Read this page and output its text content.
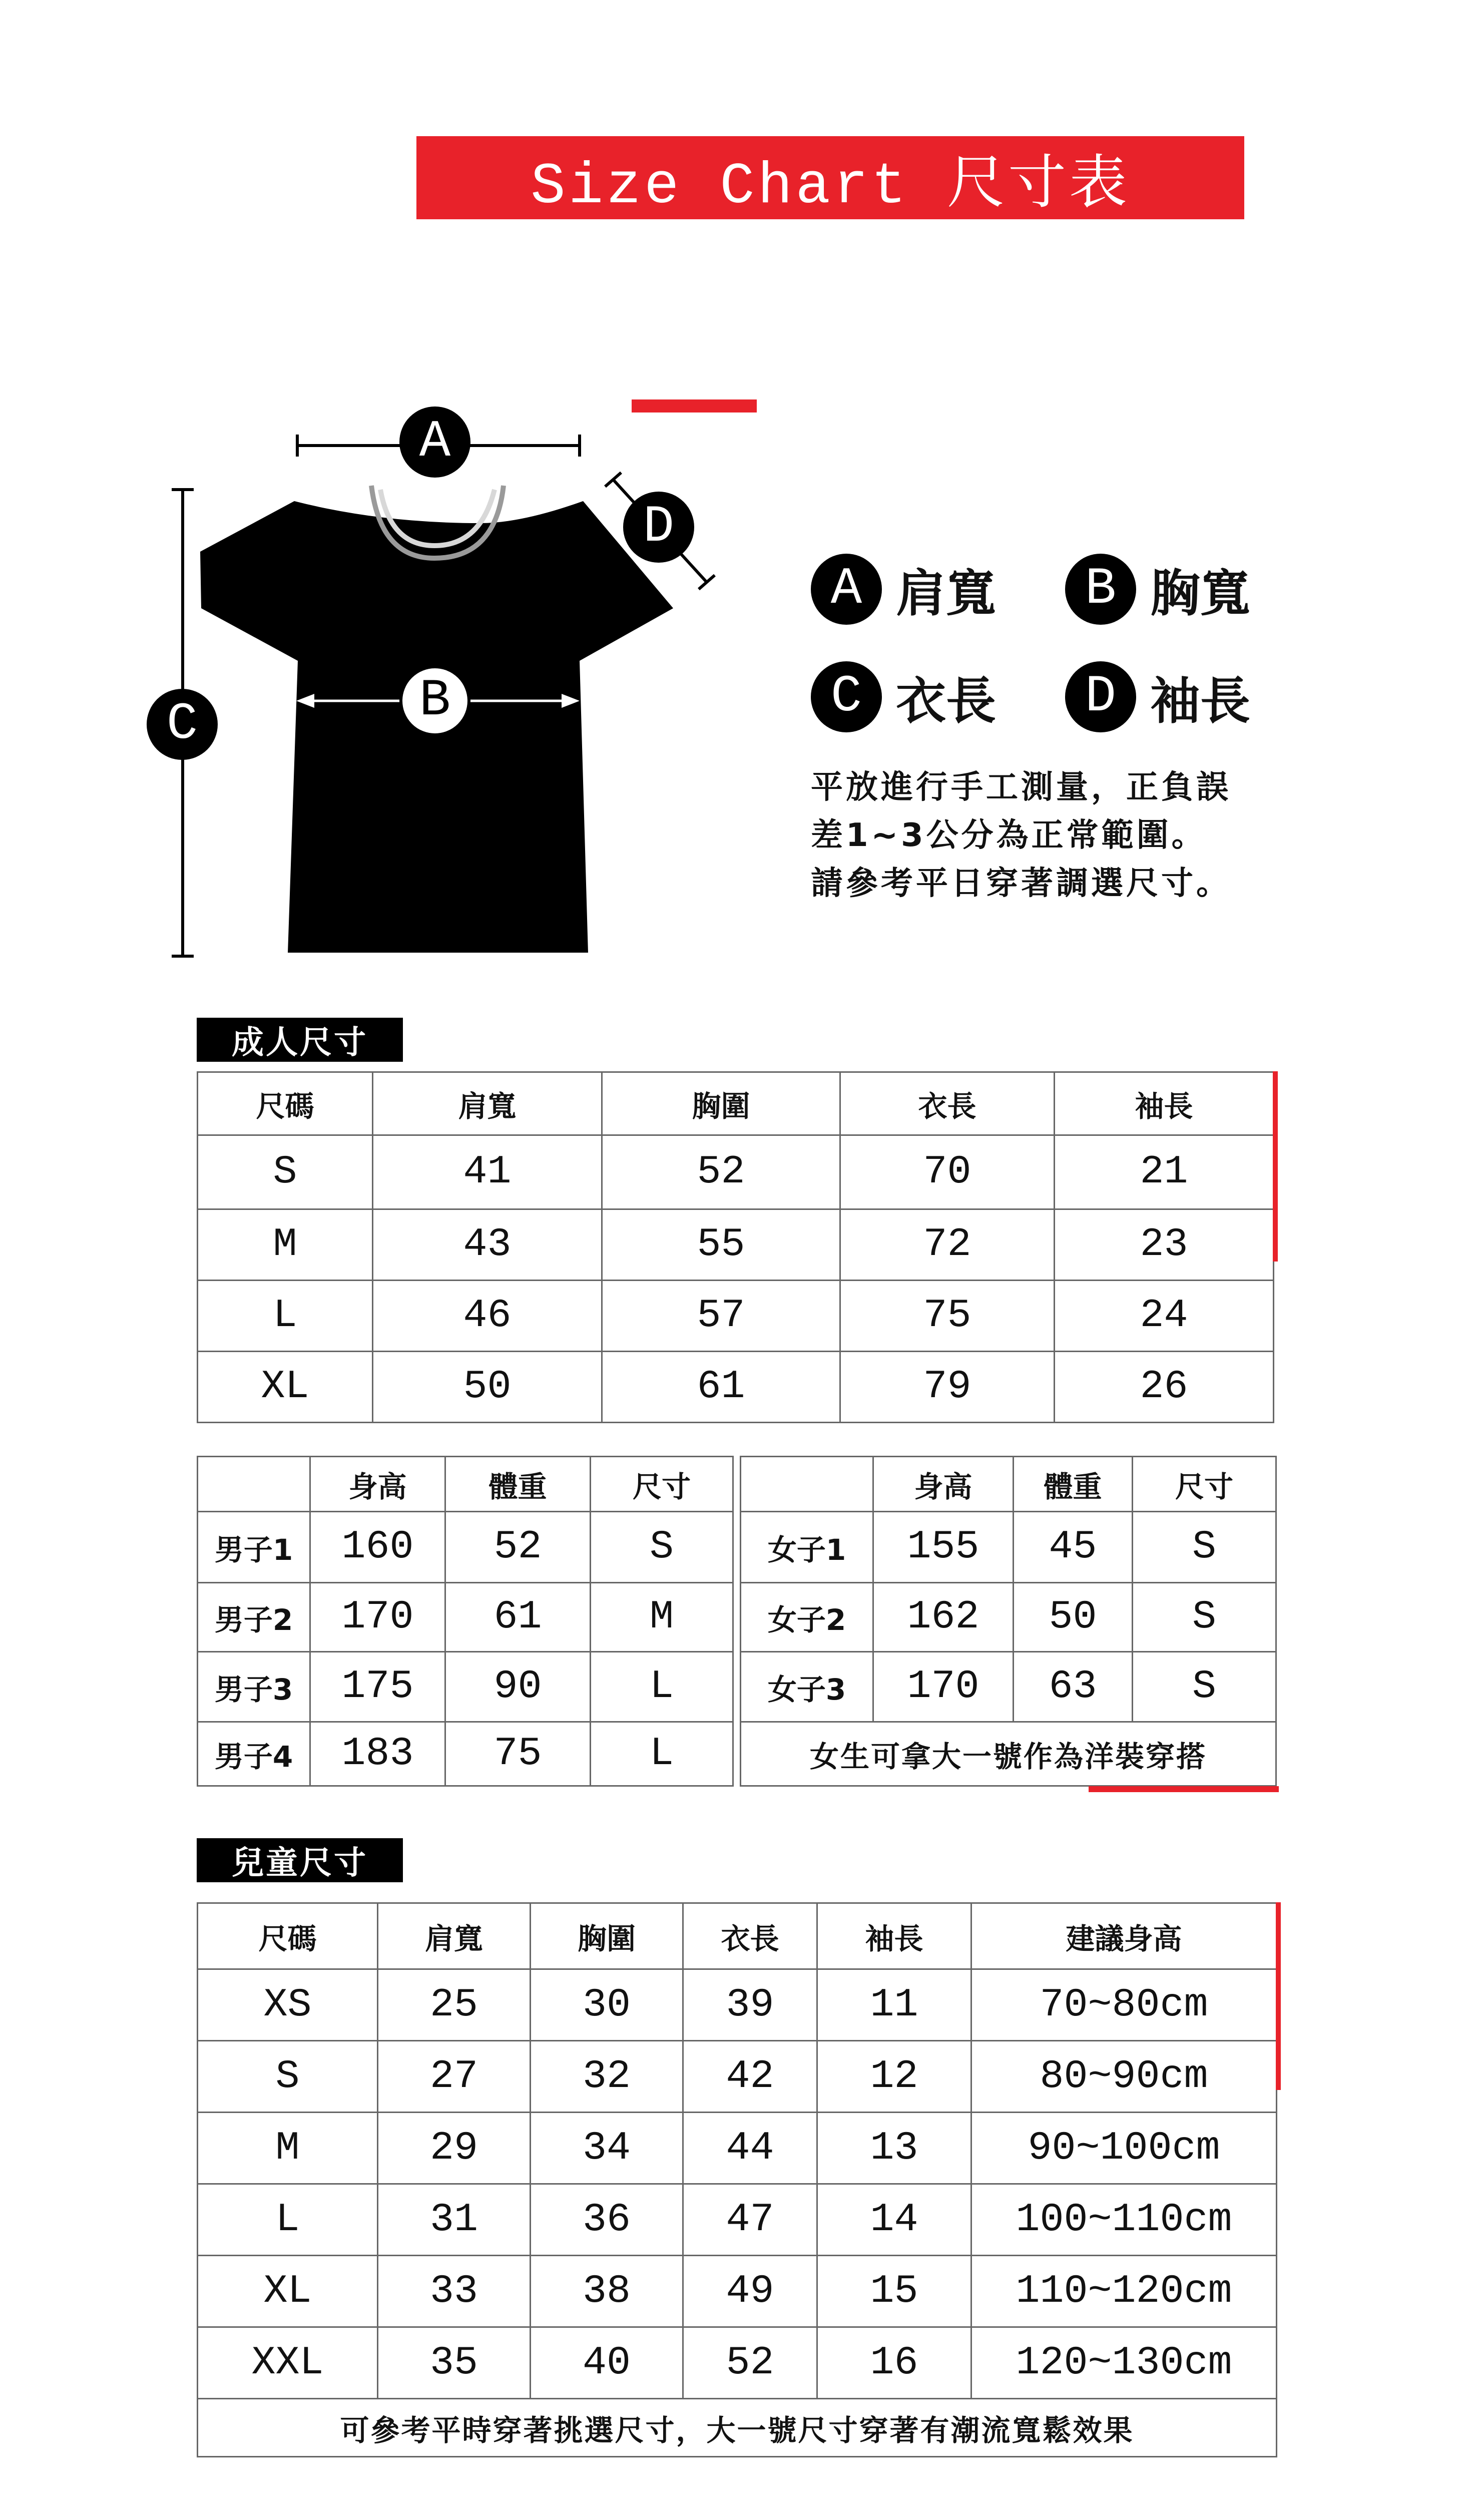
Size Chart 尺寸表
A
B
C
D
A 肩寬	B 胸寬
C 衣長	D 袖長
平放進行手工測量，正負誤
差1~3公分為正常範圍。
請參考平日穿著調選尺寸。
成人尺寸
尺碼	肩寬	胸圍	衣長	袖長
S	41	52	70	21
M	43	55	72	23
L	46	57	75	24
XL	50	61	79	26
	身高	體重	尺寸
男子1	160	52	S
男子2	170	61	M
男子3	175	90	L
男子4	183	75	L
	身高	體重	尺寸
女子1	155	45	S
女子2	162	50	S
女子3	170	63	S
女生可拿大一號作為洋裝穿搭			
兒童尺寸
尺碼	肩寬	胸圍	衣長	袖長	建議身高
XS	25	30	39	11	70~80cm
S	27	32	42	12	80~90cm
M	29	34	44	13	90~100cm
L	31	36	47	14	100~110cm
XL	33	38	49	15	110~120cm
XXL	35	40	52	16	120~130cm
可參考平時穿著挑選尺寸，大一號尺寸穿著有潮流寬鬆效果					
